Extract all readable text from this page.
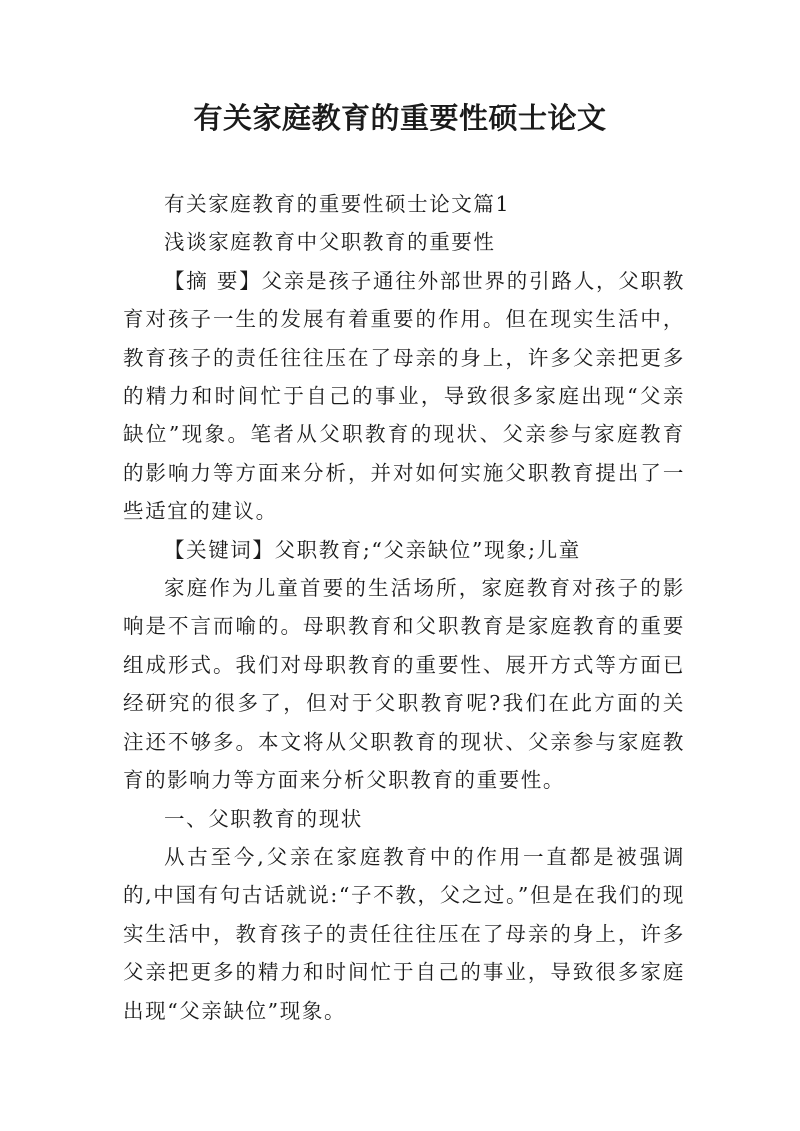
有关家庭教育的重要性硕士论文

有关家庭教育的重要性硕士论文篇1

浅谈家庭教育中父职教育的重要性

【摘 要】父亲是孩子通往外部世界的引路人，父职教育对孩子一生的发展有着重要的作用。但在现实生活中，教育孩子的责任往往压在了母亲的身上，许多父亲把更多的精力和时间忙于自己的事业，导致很多家庭出现“父亲缺位”现象。笔者从父职教育的现状、父亲参与家庭教育的影响力等方面来分析，并对如何实施父职教育提出了一些适宜的建议。

【关键词】父职教育;“父亲缺位”现象;儿童

家庭作为儿童首要的生活场所，家庭教育对孩子的影响是不言而喻的。母职教育和父职教育是家庭教育的重要组成形式。我们对母职教育的重要性、展开方式等方面已经研究的很多了，但对于父职教育呢?我们在此方面的关注还不够多。本文将从父职教育的现状、父亲参与家庭教育的影响力等方面来分析父职教育的重要性。

一、父职教育的现状

从古至今,父亲在家庭教育中的作用一直都是被强调的,中国有句古话就说:“子不教，父之过。”但是在我们的现实生活中，教育孩子的责任往往压在了母亲的身上，许多父亲把更多的精力和时间忙于自己的事业，导致很多家庭出现“父亲缺位”现象。
